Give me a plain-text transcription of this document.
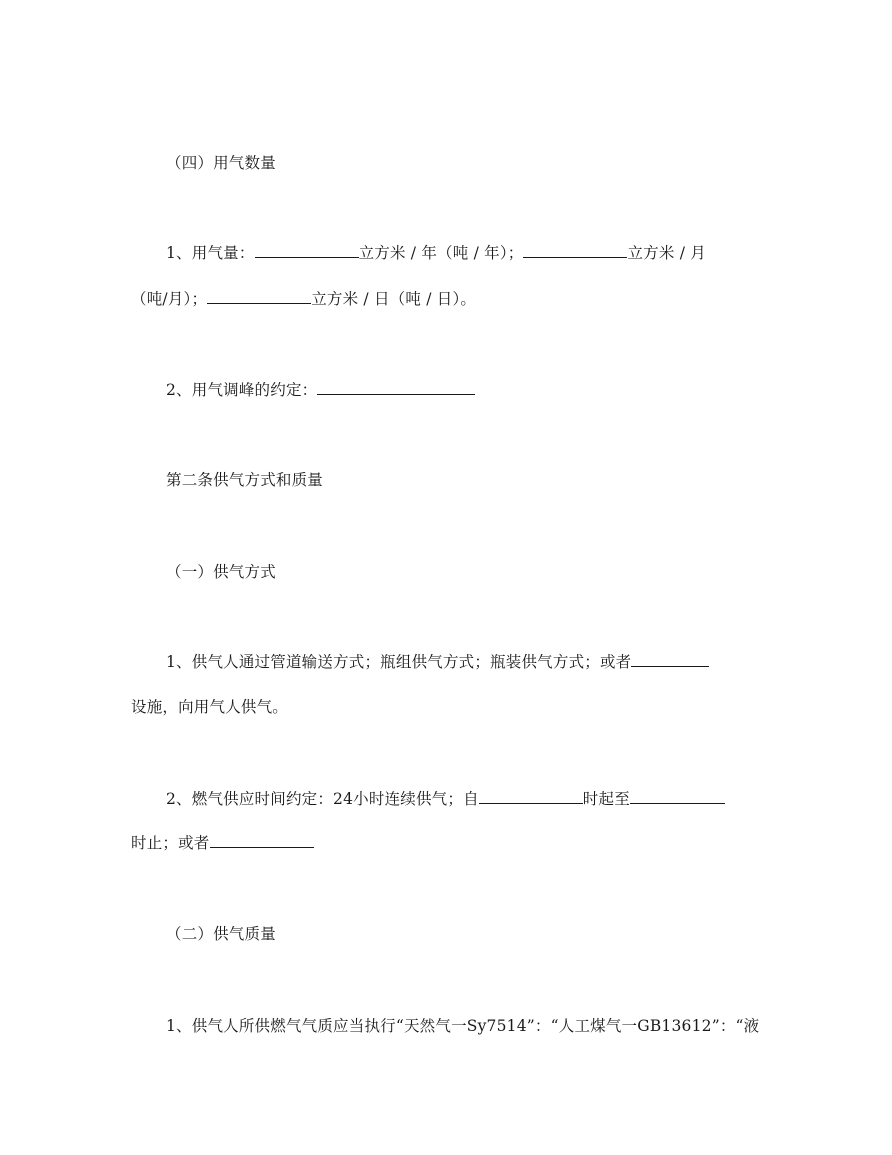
（四）用气数量
1、用气量：	立方米 / 年（吨 / 年）；	立方米 / 月
（吨/月）；	立方米 / 日（吨 / 日）。
2、用气调峰的约定：
第二条供气方式和质量
（一）供气方式
1、供气人通过管道输送方式；瓶组供气方式；瓶装供气方式；或者
设施，向用气人供气。
2、燃气供应时间约定：24小时连续供气；自	时起至
时止；或者
（二）供气质量
1、供气人所供燃气气质应当执行“天然气一Sy7514”：“人工煤气一GB13612”：“液
